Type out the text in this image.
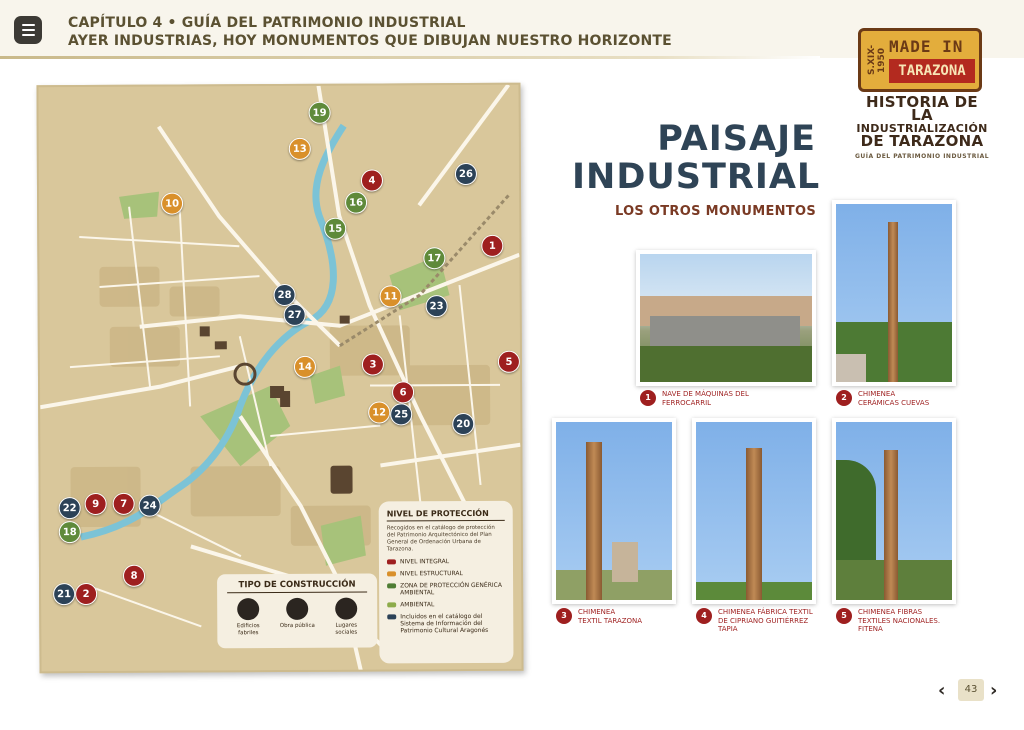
CAPÍTULO 4 • GUÍA DEL PATRIMONIO INDUSTRIAL
AYER INDUSTRIAS, HOY MONUMENTOS QUE DIBUJAN NUESTRO HORIZONTE
S.XIX-1950
MADE IN
TARAZONA
HISTORIA DE LA
INDUSTRIALIZACIÓN
DE TARAZONA
GUÍA DEL PATRIMONIO INDUSTRIAL
19
13
4
26
10	16
15
1
17
28	11
27
23
3	5
14
6
12 25
20
22	9	7	24
18
8
21	2
NIVEL DE PROTECCIÓN
Recogidos en el catálogo de protección del Patrimonio Arquitectónico del Plan General de Ordenación Urbana de Tarazona.
NIVEL INTEGRAL
NIVEL ESTRUCTURAL
ZONA DE PROTECCIÓN GENÉRICA AMBIENTAL
AMBIENTAL
Incluidos en el catálogo del Sistema de Información del Patrimonio Cultural Aragonés
TIPO DE CONSTRUCCIÓN
Edificios fabriles
Obra pública	Lugares sociales
PAISAJE
INDUSTRIAL
LOS OTROS MONUMENTOS
1	NAVE DE MÁQUINAS DEL
FERROCARRIL
2	CHIMENEA
CERÁMICAS CUEVAS
3	CHIMENEA
TEXTIL TARAZONA
4	CHIMENEA FÁBRICA TEXTIL
DE CIPRIANO GUITIÉRREZ
TAPIA
5	CHIMENEA FIBRAS
TEXTILES NACIONALES.
FITENA
‹	43 ›
